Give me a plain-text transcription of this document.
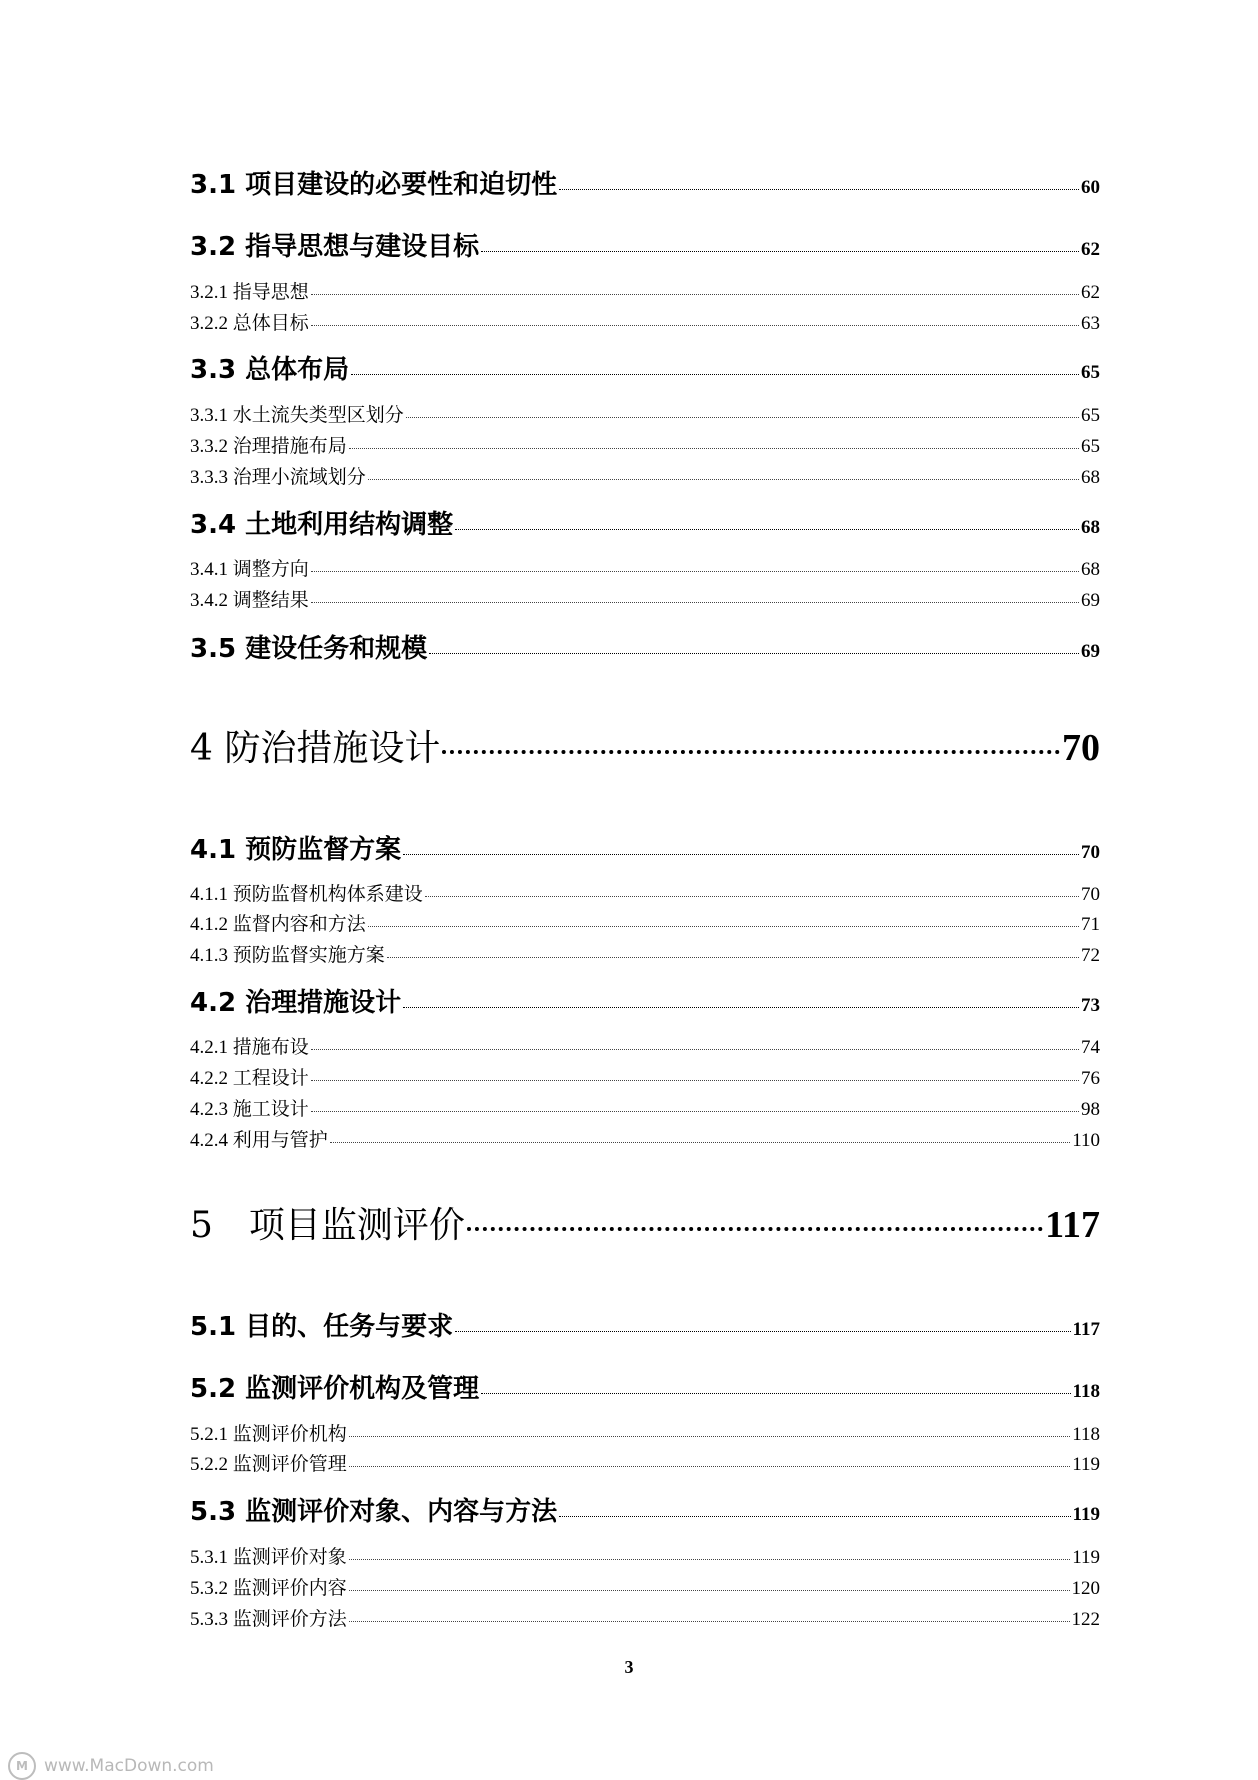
3.1 项目建设的必要性和迫切性	60
3.2 指导思想与建设目标	62
3.2.1 指导思想	62
3.2.2 总体目标	63
3.3 总体布局	65
3.3.1 水土流失类型区划分	65
3.3.2 治理措施布局	65
3.3.3 治理小流域划分	68
3.4 土地利用结构调整	68
3.4.1 调整方向	68
3.4.2 调整结果	69
3.5 建设任务和规模	69
4 防治措施设计	70
4.1 预防监督方案	70
4.1.1 预防监督机构体系建设	70
4.1.2 监督内容和方法	71
4.1.3 预防监督实施方案	72
4.2 治理措施设计	73
4.2.1 措施布设	74
4.2.2 工程设计	76
4.2.3 施工设计	98
4.2.4 利用与管护	110
5　项目监测评价	117
5.1 目的、任务与要求	117
5.2 监测评价机构及管理	118
5.2.1 监测评价机构	118
5.2.2 监测评价管理	119
5.3 监测评价对象、内容与方法	119
5.3.1 监测评价对象	119
5.3.2 监测评价内容	120
5.3.3 监测评价方法	122
3
M www.MacDown.com
